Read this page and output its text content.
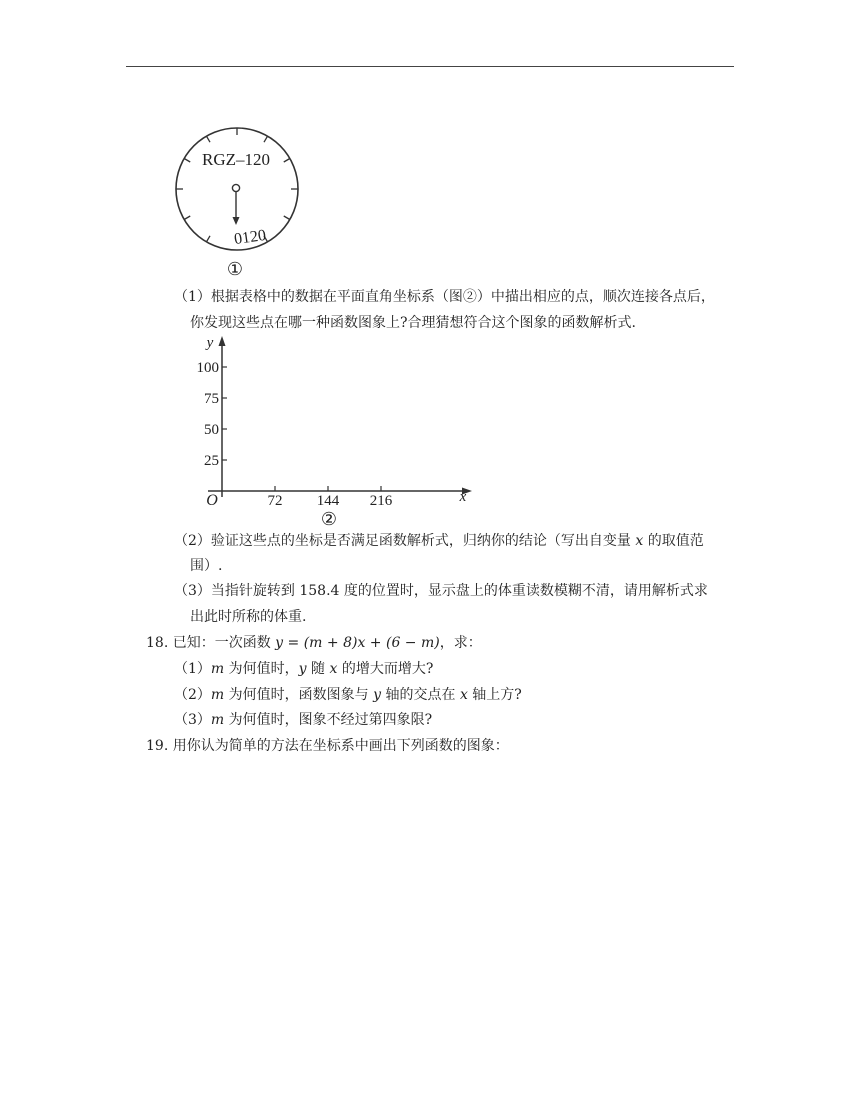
RGZ–120
0120
①
（1）根据表格中的数据在平面直角坐标系（图②）中描出相应的点，顺次连接各点后，
你发现这些点在哪一种函数图象上?合理猜想符合这个图象的函数解析式.
25
50
75
100
72 144 216
y
x
O
②
（2）验证这些点的坐标是否满足函数解析式，归纳你的结论（写出自变量 x 的取值范
围）.
（3）当指针旋转到 158.4 度的位置时，显示盘上的体重读数模糊不清，请用解析式求
出此时所称的体重.
18. 已知：一次函数 y = (m + 8)x + (6 − m)，求：
（1）m 为何值时，y 随 x 的增大而增大?
（2）m 为何值时，函数图象与 y 轴的交点在 x 轴上方?
（3）m 为何值时，图象不经过第四象限?
19. 用你认为简单的方法在坐标系中画出下列函数的图象：
